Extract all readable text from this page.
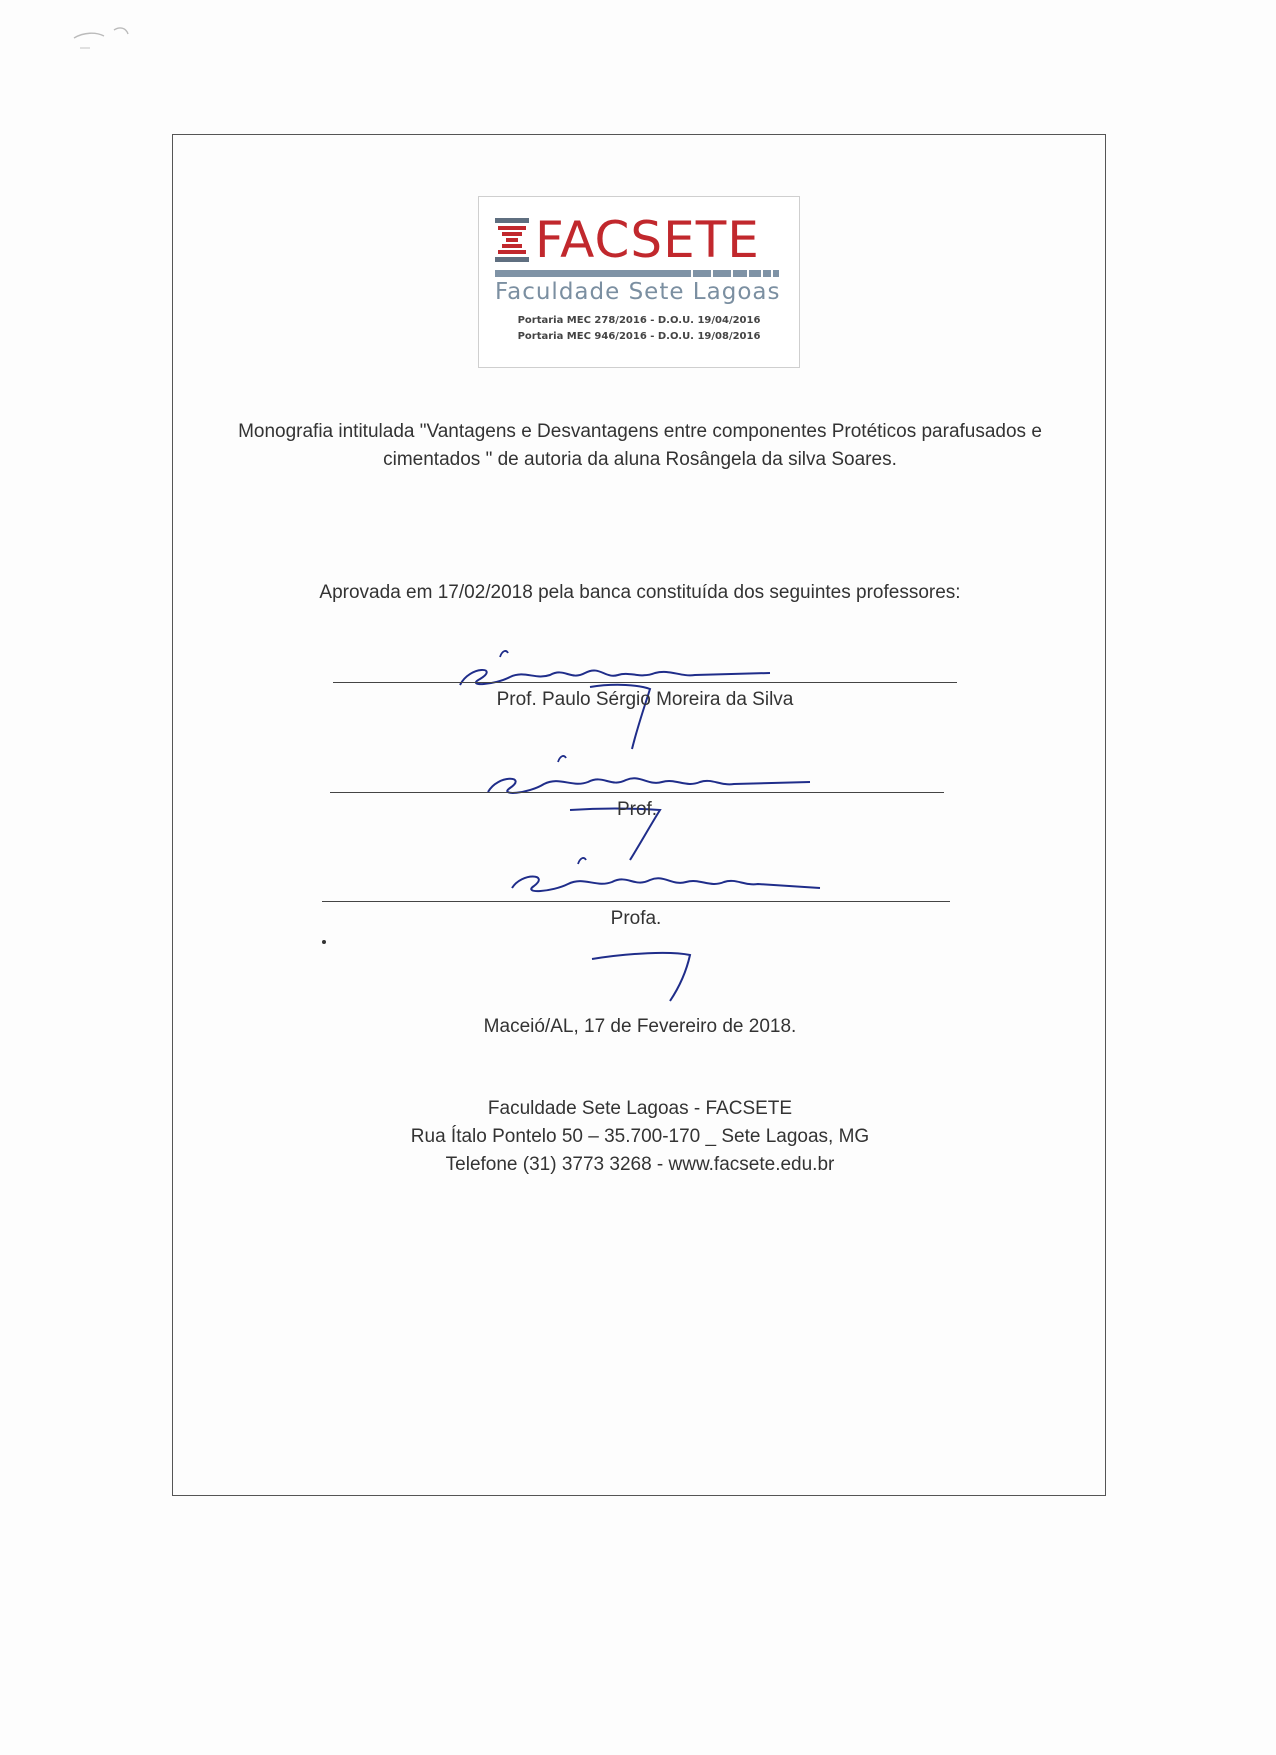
FACSETE
Faculdade Sete Lagoas
Portaria MEC 278/2016 - D.O.U. 19/04/2016
Portaria MEC 946/2016 - D.O.U. 19/08/2016
Monografia intitulada "Vantagens e Desvantagens entre componentes Protéticos parafusados e
cimentados " de autoria da aluna Rosângela da silva Soares.
Aprovada em 17/02/2018 pela banca constituída dos seguintes professores:
Prof. Paulo Sérgio Moreira da Silva
Prof.
Profa.
Maceió/AL, 17 de Fevereiro de 2018.
Faculdade Sete Lagoas - FACSETE
Rua Ítalo Pontelo 50 – 35.700-170 _ Sete Lagoas, MG
Telefone (31) 3773 3268 - www.facsete.edu.br
